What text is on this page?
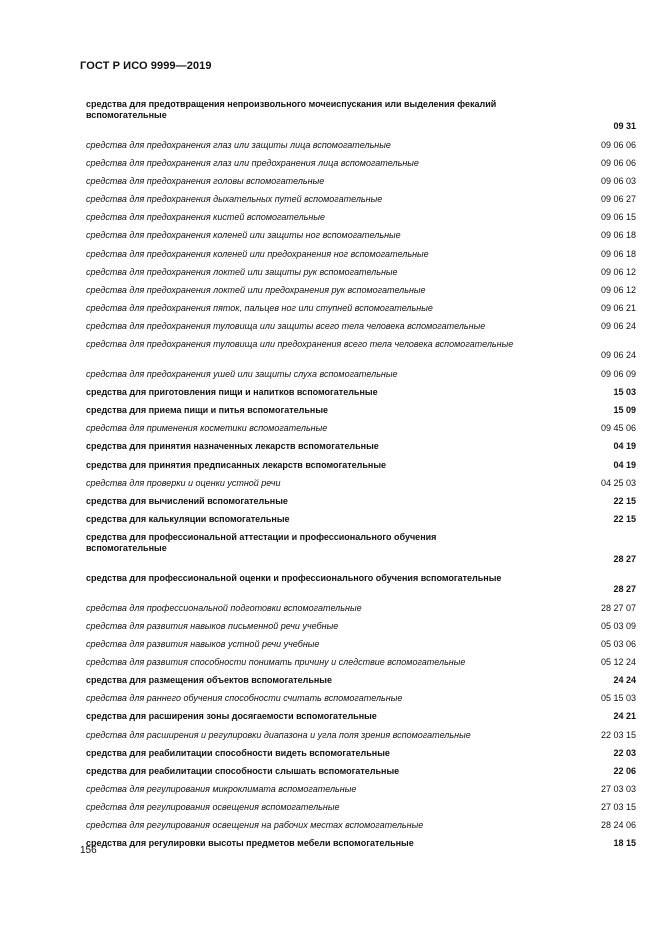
ГОСТ Р ИСО 9999—2019
средства для предотвращения непроизвольного мочеиспускания или выделения фекалий вспомогательные
09 31
средства для предохранения глаз или защиты лица вспомогательные	09 06 06
средства для предохранения глаз или предохранения лица вспомогательные	09 06 06
средства для предохранения головы вспомогательные	09 06 03
средства для предохранения дыхательных путей вспомогательные	09 06 27
средства для предохранения кистей вспомогательные	09 06 15
средства для предохранения коленей или защиты ног вспомогательные	09 06 18
средства для предохранения коленей или предохранения ног вспомогательные	09 06 18
средства для предохранения локтей или защиты рук вспомогательные	09 06 12
средства для предохранения локтей или предохранения рук вспомогательные	09 06 12
средства для предохранения пяток, пальцев ног или ступней вспомогательные	09 06 21
средства для предохранения туловища или защиты всего тела человека вспомогательные	09 06 24
средства для предохранения туловища или предохранения всего тела человека вспомогательные
09 06 24
средства для предохранения ушей или защиты слуха вспомогательные	09 06 09
средства для приготовления пищи и напитков вспомогательные	15 03
средства для приема пищи и питья вспомогательные	15 09
средства для применения косметики вспомогательные	09 45 06
средства для принятия назначенных лекарств вспомогательные	04 19
средства для принятия предписанных лекарств вспомогательные	04 19
средства для проверки и оценки устной речи	04 25 03
средства для вычислений вспомогательные	22 15
средства для калькуляции вспомогательные	22 15
средства для профессиональной аттестации и профессионального обучения вспомогательные
28 27
средства для профессиональной оценки и профессионального обучения вспомогательные
28 27
средства для профессиональной подготовки вспомогательные	28 27 07
средства для развития навыков письменной речи учебные	05 03 09
средства для развития навыков устной речи учебные	05 03 06
средства для развития способности понимать причину и следствие вспомогательные	05 12 24
средства для размещения объектов вспомогательные	24 24
средства для раннего обучения способности считать вспомогательные	05 15 03
средства для расширения зоны досягаемости вспомогательные	24 21
средства для расширения и регулировки диапазона и угла поля зрения вспомогательные	22 03 15
средства для реабилитации способности видеть вспомогательные	22 03
средства для реабилитации способности слышать вспомогательные	22 06
средства для регулирования микроклимата вспомогательные	27 03 03
средства для регулирования освещения вспомогательные	27 03 15
средства для регулирования освещения на рабочих местах вспомогательные	28 24 06
средства для регулировки высоты предметов мебели вспомогательные	18 15
156
